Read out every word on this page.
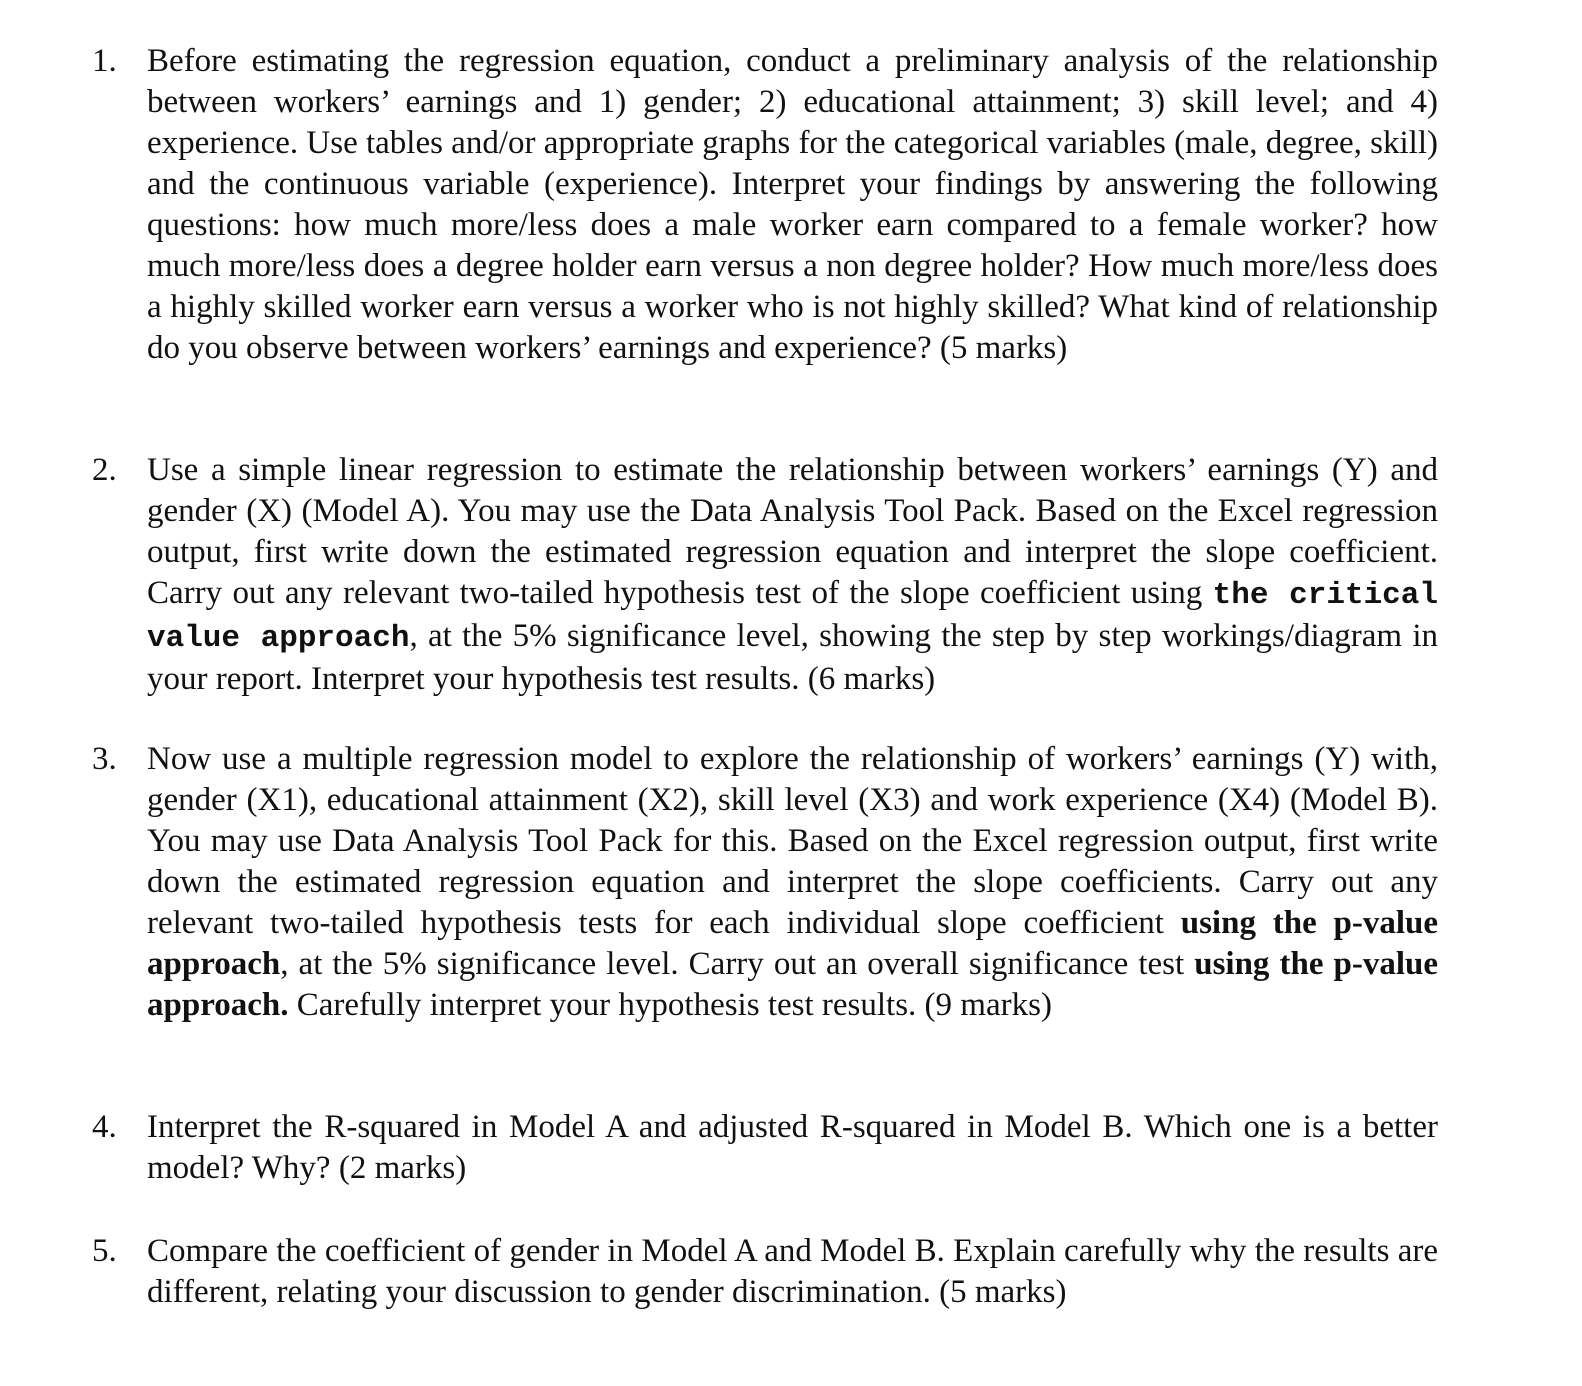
1. Before estimating the regression equation, conduct a preliminary analysis of the relationship between workers’ earnings and 1) gender; 2) educational attainment; 3) skill level; and 4) experience. Use tables and/or appropriate graphs for the categorical variables (male, degree, skill) and the continuous variable (experience). Interpret your findings by answering the following questions: how much more/less does a male worker earn compared to a female worker? how much more/less does a degree holder earn versus a non degree holder? How much more/less does a highly skilled worker earn versus a worker who is not highly skilled? What kind of relationship do you observe between workers’ earnings and experience? (5 marks)
2. Use a simple linear regression to estimate the relationship between workers’ earnings (Y) and gender (X) (Model A). You may use the Data Analysis Tool Pack. Based on the Excel regression output, first write down the estimated regression equation and interpret the slope coefficient. Carry out any relevant two-tailed hypothesis test of the slope coefficient using the critical value approach, at the 5% significance level, showing the step by step workings/diagram in your report. Interpret your hypothesis test results. (6 marks)
3. Now use a multiple regression model to explore the relationship of workers’ earnings (Y) with, gender (X1), educational attainment (X2), skill level (X3) and work experience (X4) (Model B). You may use Data Analysis Tool Pack for this. Based on the Excel regression output, first write down the estimated regression equation and interpret the slope coefficients. Carry out any relevant two-tailed hypothesis tests for each individual slope coefficient using the p-value approach, at the 5% significance level. Carry out an overall significance test using the p-value approach. Carefully interpret your hypothesis test results. (9 marks)
4. Interpret the R-squared in Model A and adjusted R-squared in Model B. Which one is a better model? Why? (2 marks)
5. Compare the coefficient of gender in Model A and Model B. Explain carefully why the results are different, relating your discussion to gender discrimination. (5 marks)
